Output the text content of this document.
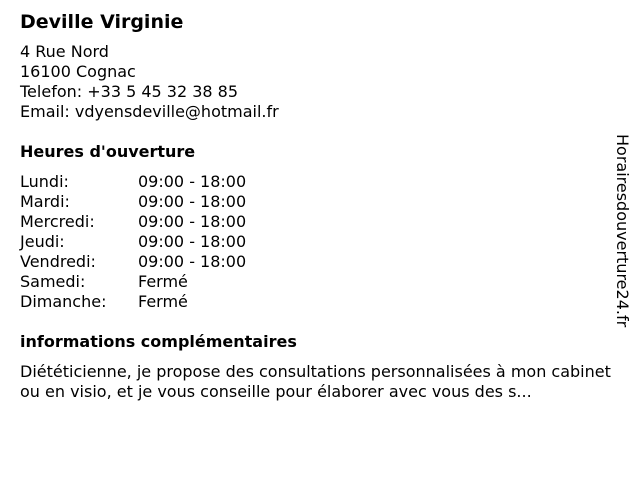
Deville Virginie
4 Rue Nord
16100 Cognac
Telefon: +33 5 45 32 38 85
Email: vdyensdeville@hotmail.fr
Heures d'ouverture
Lundi:	09:00 - 18:00
Mardi:	09:00 - 18:00
Mercredi:	09:00 - 18:00
Jeudi:	09:00 - 18:00
Vendredi:	09:00 - 18:00
Samedi:	Fermé
Dimanche:	Fermé
informations complémentaires
Diététicienne, je propose des consultations personnalisées à mon cabinet ou en visio, et je vous conseille pour élaborer avec vous des s...
Horairesdouverture24.fr
